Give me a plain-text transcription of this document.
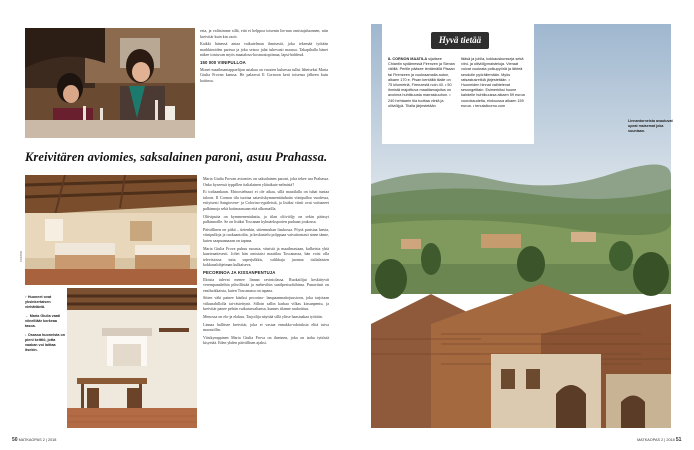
esta, ja valitsimme sillä, että ei helppoa toisenin lin-nan omistajaluonnen, niin kreivitär kuin kin osoit.

Kaikki hänessä antaa vaikutelman ihmisestä, joka tekemää työtään markkinoiden parissa ja joka seisoo jalat tukevasti maassa. Takapihalla hänet näkee toistuvan myös maatalous-kosmostopiimaa, lapsi-kiddeud.

150 000 VIINIPULLOA

Monet maailmantappaelijan astakaa on vuosien kuluessa tullut läheiseksi Maria Giulia Frovan kanssa. He palaavat Il Cornoon kerä toisensa jälkeen kuin kotiinsa.

Kreivitären aviomies, saksalainen paroni, asuu Prahassa.
CORNO

↑ Huoneet ovat yksinkertaisen viehättäviä.

← Maria Giulia vaati viinelliäär korkeaa tasoa.

↓ Osassa huoneista on pieni keittiö, jotta vaakan voi laittaa itsekin.

Maria Giulia Frovan aviomies on saksalainen paroni, joka tekee ura Prahassa. Onko kyseessä typpillen italialainen ylätaikuis-nelmistä?

Ei todiaankaan. Ehtoosiehuuri ei ole aikaa, sillä maatilalla on tuhat tuntaa tuloon. Il Cornon tila tuottaa sataviiskymmentätuhatta viinipulloa vuodessa, erityisesti Sangiovese- ja Colorino-rypäleistä, ja lisäksi viinit ovat voittaneet palkinnoja sekä kotimaassaan että ulkomailla.

Oliivipuita on kymmenentuhatta, ja tilan oliiviöljy on sekin päässyt palkinnoille. Se on lisäksi Toscanan kylmäeksporten parhaan joukossa.

Päivällinen on pitkä – tietenkin, siitenmuhan fiaskossa. Pöytä puristaa luesta, viinipulloja ja ruokaantoilta, ja keskustelu polppuaa vaivattomasti sinne tänne, kuten saapuaanaaan on tapana.

Maria Giulia Frova puhuu ruoasta, viinistä ja maailmastaan, kulkeista yhtä kaarteaattesesti. Joliet hän omistaisi maatilaa Toscanassa, hän voisi olla televisiossa tutta superjulkkis, valikkaja juontaa italialaisten kokkauslohjeiman kulkaiseva.

PECORINOA JA KISSANPENTUJA

Illoista tulevat menee linnan ravintolassa. Ruokailijat keskittyvät verempanaleihin pihvillistää ja mehevihin sunilpestuohihinsa. Punaviinit on ensiluokkaista, kuten Toscanassa on tapana.

Sitten väki painee käsiksi pecorino- lampaanmaitojuustoon, joka tarjotaan viikunahillolla tai-rästettynä. Silloin sallin karkaa vilkas kissanpentu, ja kreivitär panee pehtin vaikutusvaltansa, kunnes tilanne rauhoittuu.

Menossa on elo-ja elokuu. Tarjoilija näyttää sillä ylitse haastaakaa työtään.

Linnaa halliisee kreivitär, joka ei vastaa ennakko-odotuksia elitä tutva maostollin.

Viisikymppinen Maria Giulia Frova on ihminen, joka on tarha tyttöstä kisyetää. Eden yhden päivällisen ajaksi.

50 MATKAOPAS 2 | 2018
Hyvä tietää
IL CORNON MAATILA sijaitsee Chiantin sydämessä Firenzen ja Sienan välillä. Perille pääsee lentämällä Pisaan tai Firenzeen ja vuokraamalla auton, alkaen 170 e. Pisan kentältä tilalle on 75 kilometriä, Firenzestä noin 40. • 50 ihmistä majoittuva maatilamajoitus on avoinna huhtikuusta marraskuuhun. • 240 hehtaarin tila tuottaa viiniä ja oliiviöljyä. Tilalla järjestetään
fääsä ja juhlia, kokkauskursseja sekä viini- ja oliiviöljymaisteluja. Vieraat voivat vuokrata polkupyöriä ja lähteä seudulle pyöräilemään. Myös ratsastusretkiä järjestetään. • Huoneiden hinnat vaihtelevat sesongeittain. Esimerkiksi huone kahdelle huhtikuussa alkaen 59 euroa vuorokaudelta, elokuussa alkaen 159 euroa. • tenutailcorno.com
Linnantorneista avautuvat upeat maisemat joka suuntaan.
MATKAOPAS 2 | 2018 51
